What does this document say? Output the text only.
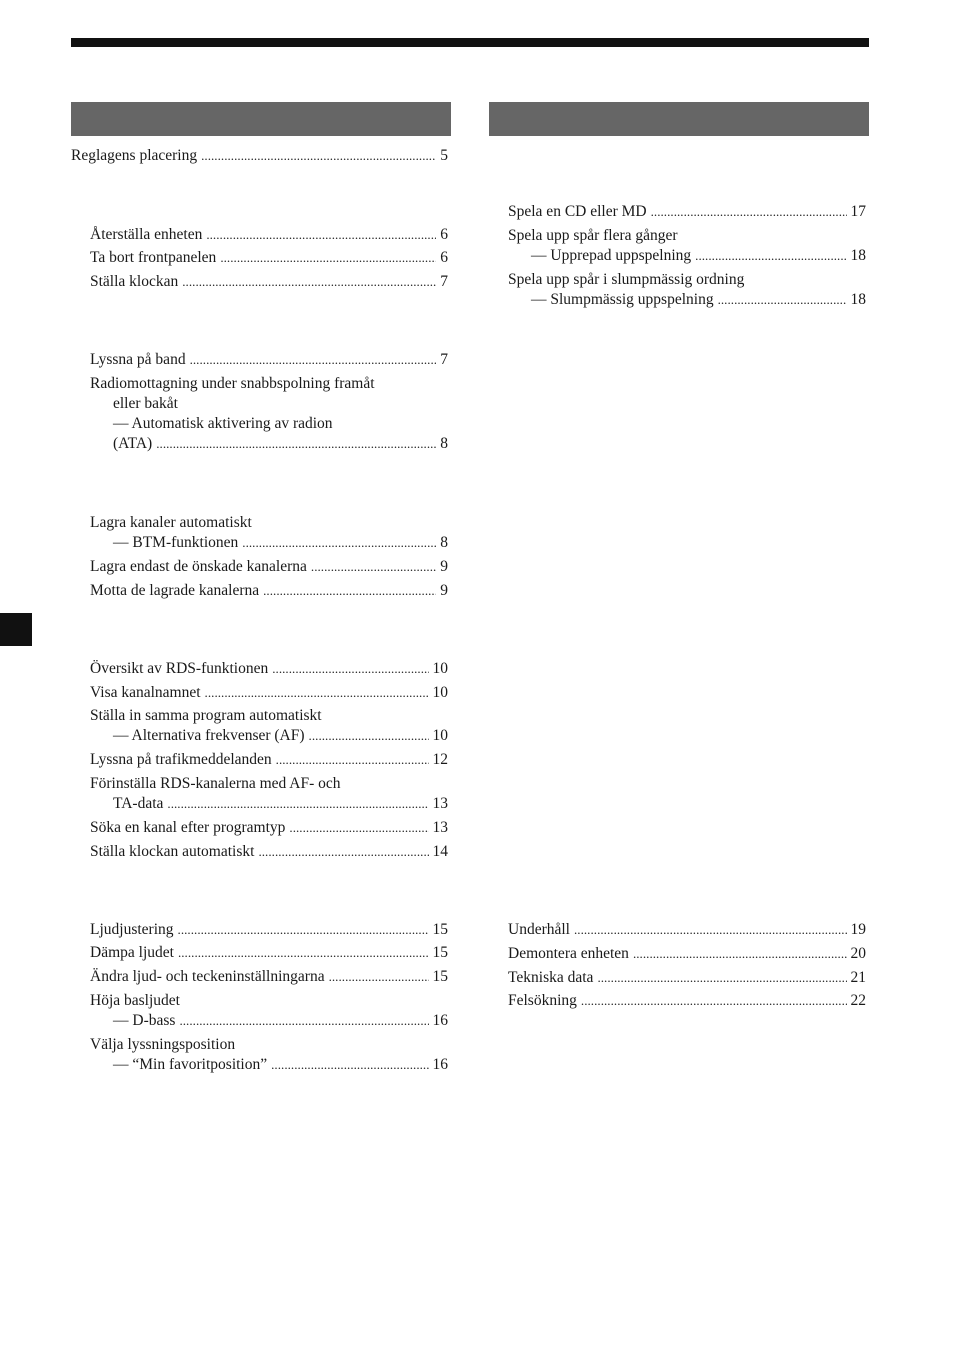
Reglagens placering . . .	5
Återställa enheten . . .	6
Ta bort frontpanelen . . .	6
Ställa klockan . . .	7
Lyssna på band . . .	7
Radiomottagning under snabbspolning framåt
eller bakåt
— Automatisk aktivering av radion
(ATA) . . .	8
Lagra kanaler automatiskt
— BTM-funktionen . . .	8
Lagra endast de önskade kanalerna . . .	9
Motta de lagrade kanalerna . . .	9
Översikt av RDS-funktionen . . .	10
Visa kanalnamnet . . .	10
Ställa in samma program automatiskt
— Alternativa frekvenser (AF) . . .	10
Lyssna på trafikmeddelanden . . .	12
Förinställa RDS-kanalerna med AF- och
TA-data . . .	13
Söka en kanal efter programtyp . . .	13
Ställa klockan automatiskt . . .	14
Ljudjustering . . .	15
Dämpa ljudet . . .	15
Ändra ljud- och teckeninställningarna . . .	15
Höja basljudet
— D-bass . . .	16
Välja lyssningsposition
— “Min favoritposition” . . .	16
Spela en CD eller MD . . .	17
Spela upp spår flera gånger
— Upprepad uppspelning . . .	18
Spela upp spår i slumpmässig ordning
— Slumpmässig uppspelning . . .	18
Underhåll . . .	19
Demontera enheten . . .	20
Tekniska data . . .	21
Felsökning . . .	22
